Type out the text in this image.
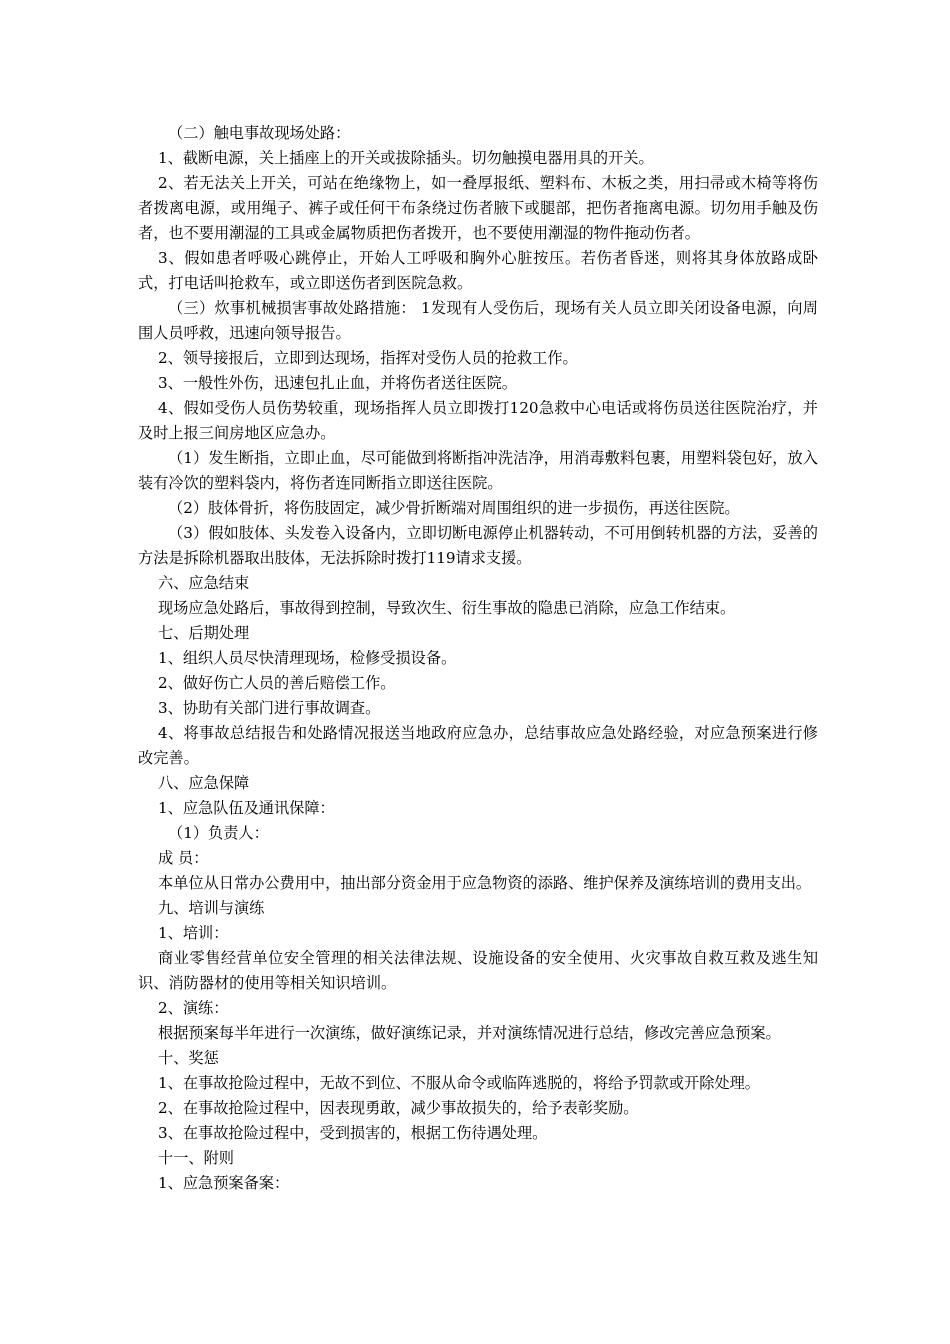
（二）触电事故现场处路：

1、截断电源，关上插座上的开关或拔除插头。切勿触摸电器用具的开关。

2、若无法关上开关，可站在绝缘物上，如一叠厚报纸、塑料布、木板之类，用扫帚或木椅等将伤者拨离电源，或用绳子、裤子或任何干布条绕过伤者腋下或腿部，把伤者拖离电源。切勿用手触及伤者，也不要用潮湿的工具或金属物质把伤者拨开，也不要使用潮湿的物件拖动伤者。

3、假如患者呼吸心跳停止，开始人工呼吸和胸外心脏按压。若伤者昏迷，则将其身体放路成卧式，打电话叫抢救车，或立即送伤者到医院急救。

（三）炊事机械损害事故处路措施： 1发现有人受伤后，现场有关人员立即关闭设备电源，向周围人员呼救，迅速向领导报告。

2、领导接报后，立即到达现场，指挥对受伤人员的抢救工作。

3、一般性外伤，迅速包扎止血，并将伤者送往医院。

4、假如受伤人员伤势较重，现场指挥人员立即拨打120急救中心电话或将伤员送往医院治疗，并及时上报三间房地区应急办。

（1）发生断指，立即止血，尽可能做到将断指冲洗洁净，用消毒敷料包裹，用塑料袋包好，放入装有冷饮的塑料袋内，将伤者连同断指立即送往医院。

（2）肢体骨折，将伤肢固定，减少骨折断端对周围组织的进一步损伤，再送往医院。

（3）假如肢体、头发卷入设备内，立即切断电源停止机器转动，不可用倒转机器的方法，妥善的方法是拆除机器取出肢体，无法拆除时拨打119请求支援。

六、应急结束

现场应急处路后，事故得到控制，导致次生、衍生事故的隐患已消除，应急工作结束。

七、后期处理

1、组织人员尽快清理现场，检修受损设备。

2、做好伤亡人员的善后赔偿工作。

3、协助有关部门进行事故调查。

4、将事故总结报告和处路情况报送当地政府应急办，总结事故应急处路经验，对应急预案进行修改完善。

八、应急保障

1、应急队伍及通讯保障：

（1）负责人：

成 员：

本单位从日常办公费用中，抽出部分资金用于应急物资的添路、维护保养及演练培训的费用支出。

九、培训与演练

1、培训：

商业零售经营单位安全管理的相关法律法规、设施设备的安全使用、火灾事故自救互救及逃生知识、消防器材的使用等相关知识培训。

2、演练：

根据预案每半年进行一次演练，做好演练记录，并对演练情况进行总结，修改完善应急预案。

十、奖惩

1、在事故抢险过程中，无故不到位、不服从命令或临阵逃脱的，将给予罚款或开除处理。

2、在事故抢险过程中，因表现勇敢，减少事故损失的，给予表彰奖励。

3、在事故抢险过程中，受到损害的，根据工伤待遇处理。

十一、附则

1、应急预案备案：
